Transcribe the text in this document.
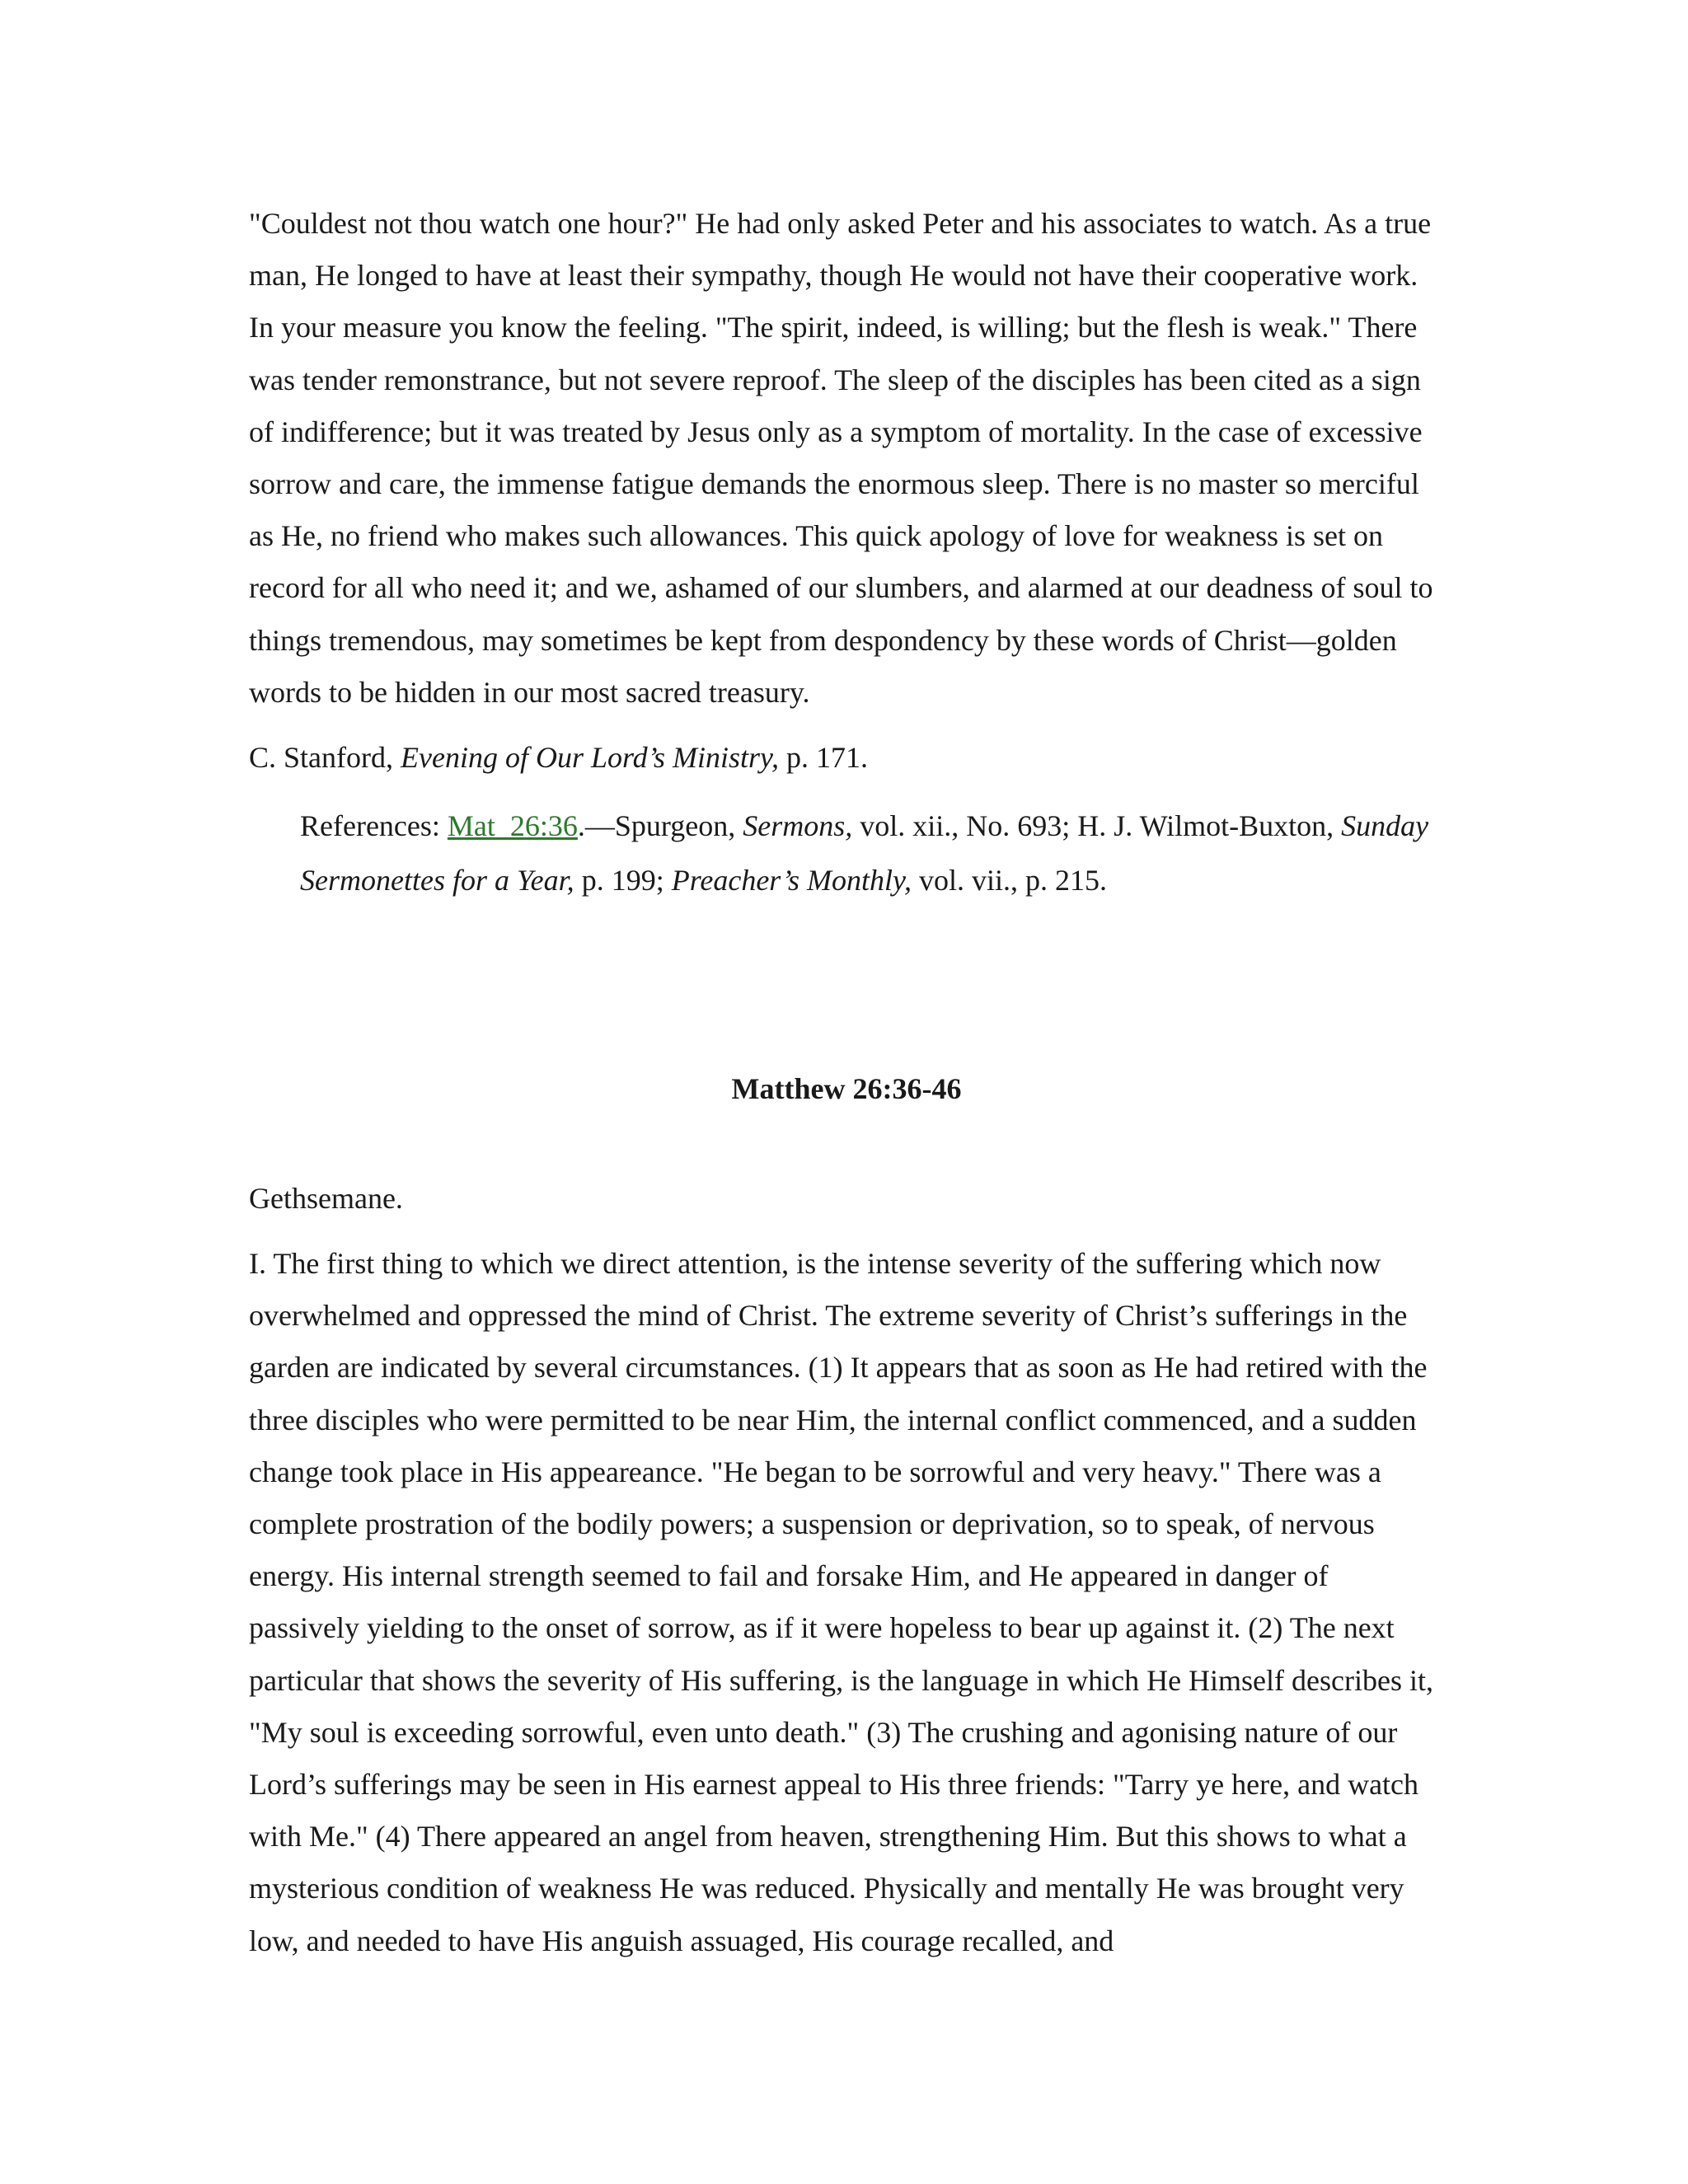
"Couldest not thou watch one hour?" He had only asked Peter and his associates to watch. As a true man, He longed to have at least their sympathy, though He would not have their cooperative work. In your measure you know the feeling. "The spirit, indeed, is willing; but the flesh is weak." There was tender remonstrance, but not severe reproof. The sleep of the disciples has been cited as a sign of indifference; but it was treated by Jesus only as a symptom of mortality. In the case of excessive sorrow and care, the immense fatigue demands the enormous sleep. There is no master so merciful as He, no friend who makes such allowances. This quick apology of love for weakness is set on record for all who need it; and we, ashamed of our slumbers, and alarmed at our deadness of soul to things tremendous, may sometimes be kept from despondency by these words of Christ—golden words to be hidden in our most sacred treasury.

C. Stanford, Evening of Our Lord’s Ministry, p. 171.

References: Mat_26:36.—Spurgeon, Sermons, vol. xii., No. 693; H. J. Wilmot-Buxton, Sunday Sermonettes for a Year, p. 199; Preacher’s Monthly, vol. vii., p. 215.

Matthew 26:36-46

Gethsemane.

I. The first thing to which we direct attention, is the intense severity of the suffering which now overwhelmed and oppressed the mind of Christ. The extreme severity of Christ’s sufferings in the garden are indicated by several circumstances. (1) It appears that as soon as He had retired with the three disciples who were permitted to be near Him, the internal conflict commenced, and a sudden change took place in His appeareance. "He began to be sorrowful and very heavy." There was a complete prostration of the bodily powers; a suspension or deprivation, so to speak, of nervous energy. His internal strength seemed to fail and forsake Him, and He appeared in danger of passively yielding to the onset of sorrow, as if it were hopeless to bear up against it. (2) The next particular that shows the severity of His suffering, is the language in which He Himself describes it, "My soul is exceeding sorrowful, even unto death." (3) The crushing and agonising nature of our Lord’s sufferings may be seen in His earnest appeal to His three friends: "Tarry ye here, and watch with Me." (4) There appeared an angel from heaven, strengthening Him. But this shows to what a mysterious condition of weakness He was reduced. Physically and mentally He was brought very low, and needed to have His anguish assuaged, His courage recalled, and
